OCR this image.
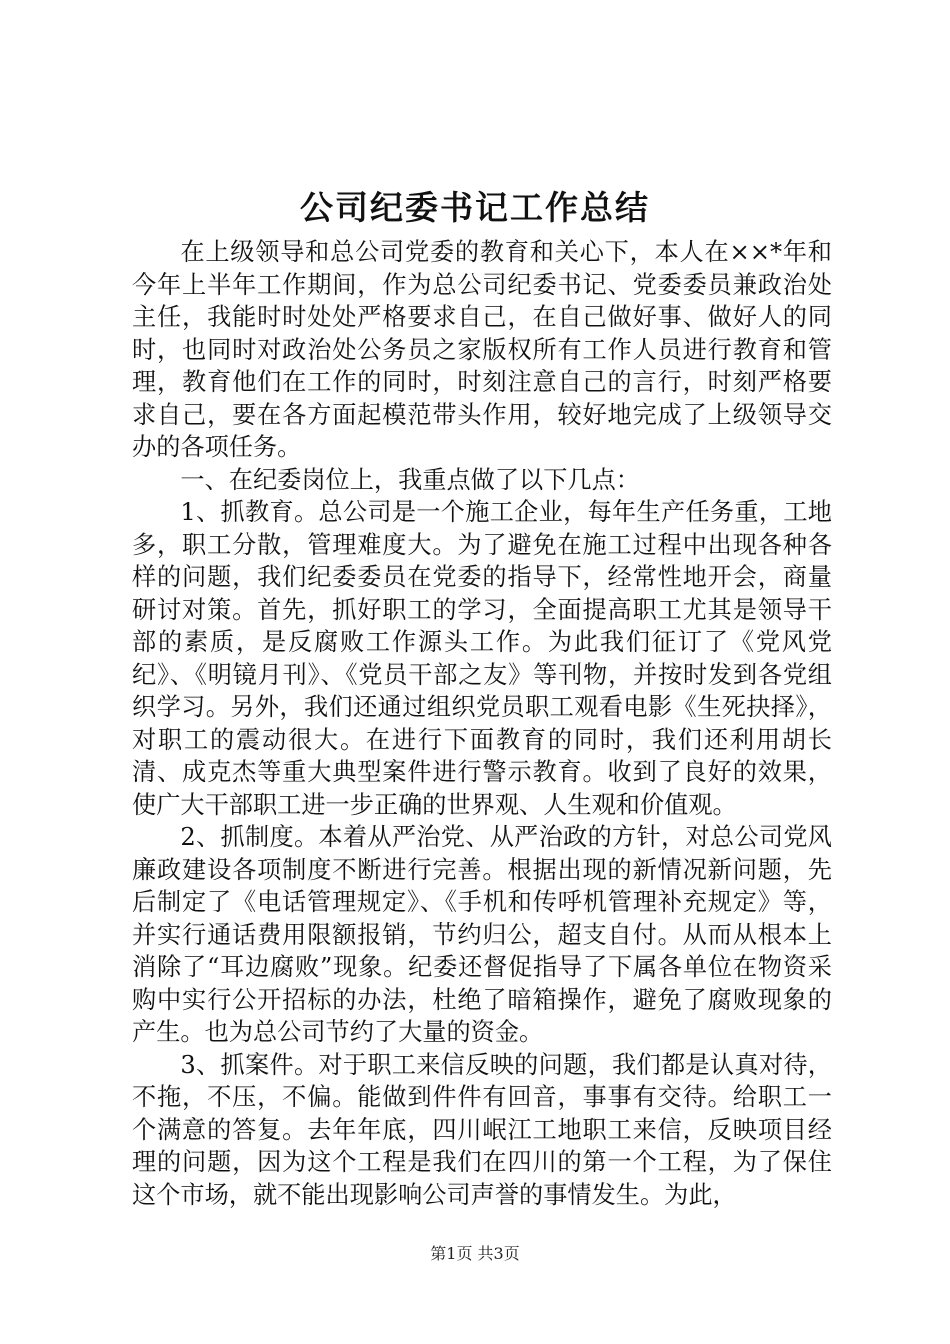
公司纪委书记工作总结

在上级领导和总公司党委的教育和关心下，本人在××*年和今年上半年工作期间，作为总公司纪委书记、党委委员兼政治处主任，我能时时处处严格要求自己，在自己做好事、做好人的同时，也同时对政治处公务员之家版权所有工作人员进行教育和管理，教育他们在工作的同时，时刻注意自己的言行，时刻严格要求自己，要在各方面起模范带头作用，较好地完成了上级领导交办的各项任务。

一、在纪委岗位上，我重点做了以下几点：

1、抓教育。总公司是一个施工企业，每年生产任务重，工地多，职工分散，管理难度大。为了避免在施工过程中出现各种各样的问题，我们纪委委员在党委的指导下，经常性地开会，商量研讨对策。首先，抓好职工的学习，全面提高职工尤其是领导干部的素质，是反腐败工作源头工作。为此我们征订了《党风党纪》、《明镜月刊》、《党员干部之友》等刊物，并按时发到各党组织学习。另外，我们还通过组织党员职工观看电影《生死抉择》，对职工的震动很大。在进行下面教育的同时，我们还利用胡长清、成克杰等重大典型案件进行警示教育。收到了良好的效果，使广大干部职工进一步正确的世界观、人生观和价值观。

2、抓制度。本着从严治党、从严治政的方针，对总公司党风廉政建设各项制度不断进行完善。根据出现的新情况新问题，先后制定了《电话管理规定》、《手机和传呼机管理补充规定》等，并实行通话费用限额报销，节约归公，超支自付。从而从根本上消除了“耳边腐败”现象。纪委还督促指导了下属各单位在物资采购中实行公开招标的办法，杜绝了暗箱操作，避免了腐败现象的产生。也为总公司节约了大量的资金。

3、抓案件。对于职工来信反映的问题，我们都是认真对待，不拖，不压，不偏。能做到件件有回音，事事有交待。给职工一个满意的答复。去年年底，四川岷江工地职工来信，反映项目经理的问题，因为这个工程是我们在四川的第一个工程，为了保住这个市场，就不能出现影响公司声誉的事情发生。为此，

第1页 共3页
